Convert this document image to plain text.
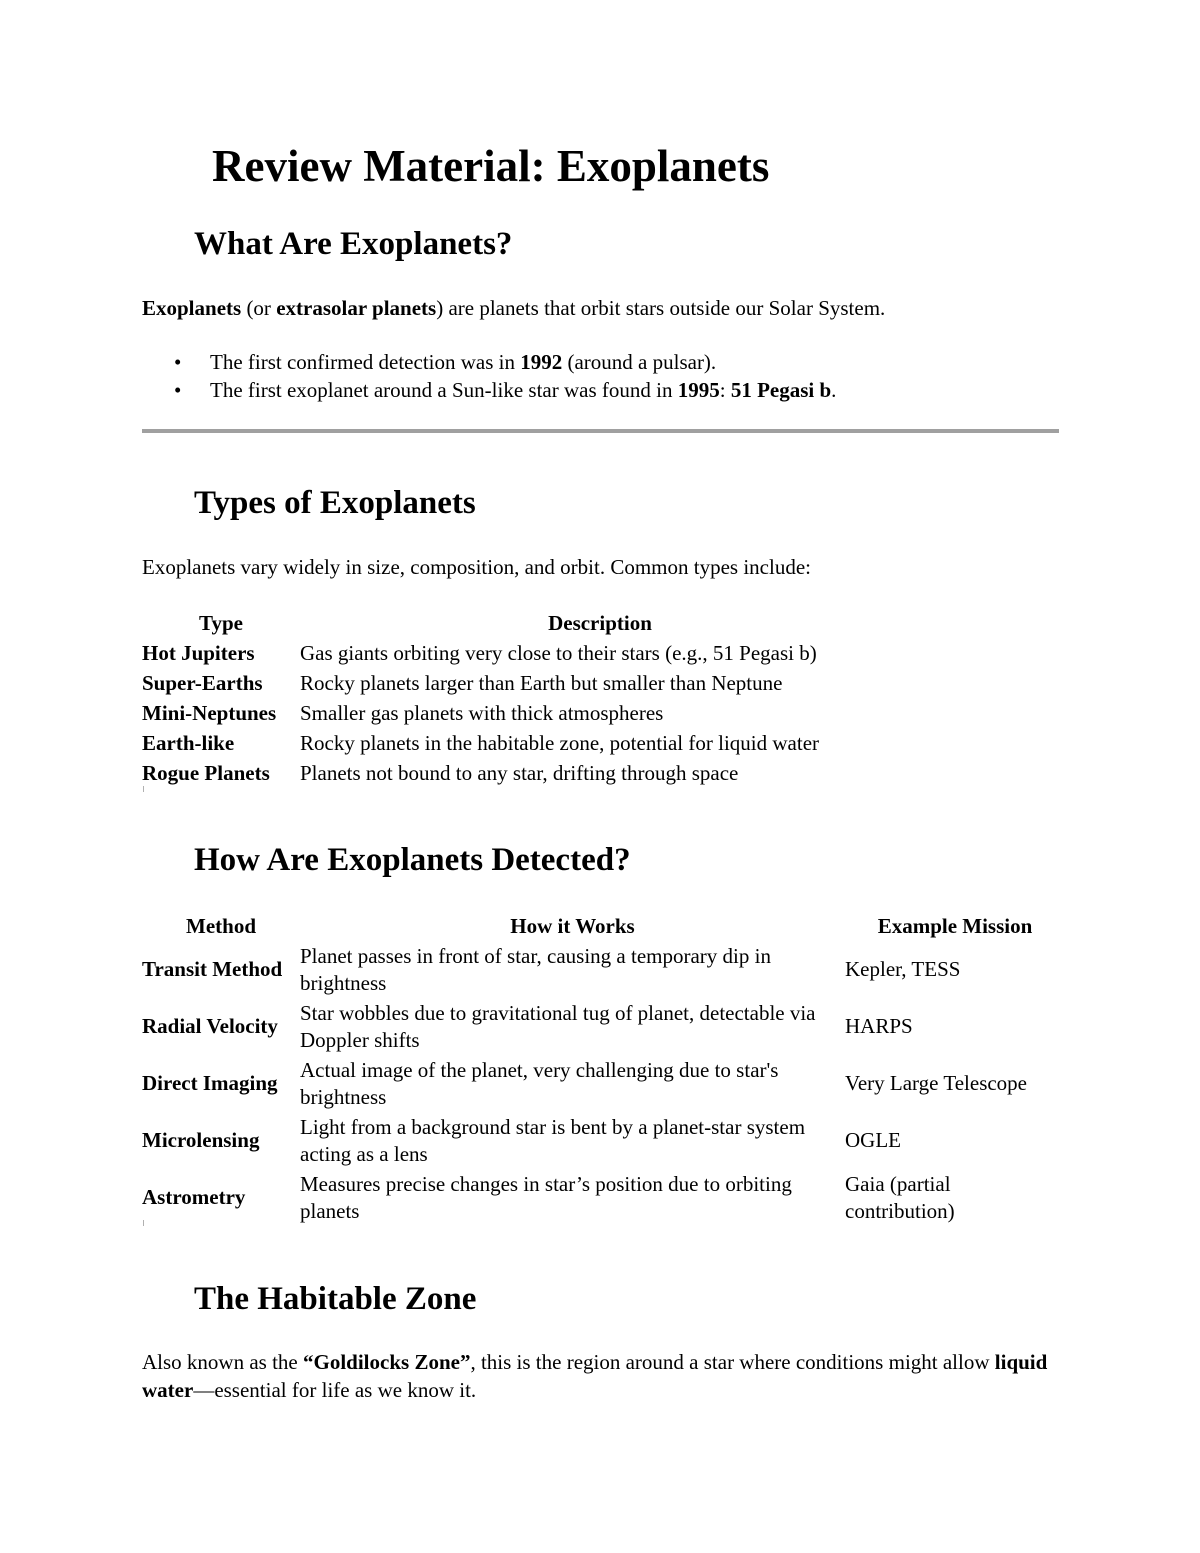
Review Material: Exoplanets
What Are Exoplanets?

Exoplanets (or extrasolar planets) are planets that orbit stars outside our Solar System.

• The first confirmed detection was in 1992 (around a pulsar).
• The first exoplanet around a Sun-like star was found in 1995: 51 Pegasi b.
Types of Exoplanets

Exoplanets vary widely in size, composition, and orbit. Common types include:

Type	Description
Hot Jupiters	Gas giants orbiting very close to their stars (e.g., 51 Pegasi b)
Super-Earths	Rocky planets larger than Earth but smaller than Neptune
Mini-Neptunes	Smaller gas planets with thick atmospheres
Earth-like	Rocky planets in the habitable zone, potential for liquid water
Rogue Planets	Planets not bound to any star, drifting through space
How Are Exoplanets Detected?
Method	How it Works	Example Mission
Transit Method	Planet passes in front of star, causing a temporary dip in brightness	Kepler, TESS
Radial Velocity	Star wobbles due to gravitational tug of planet, detectable via Doppler shifts	HARPS
Direct Imaging	Actual image of the planet, very challenging due to star's brightness	Very Large Telescope
Microlensing	Light from a background star is bent by a planet-star system acting as a lens	OGLE
Astrometry	Measures precise changes in star’s position due to orbiting planets	Gaia (partial contribution)
The Habitable Zone

Also known as the “Goldilocks Zone”, this is the region around a star where conditions might allow liquid water—essential for life as we know it.
